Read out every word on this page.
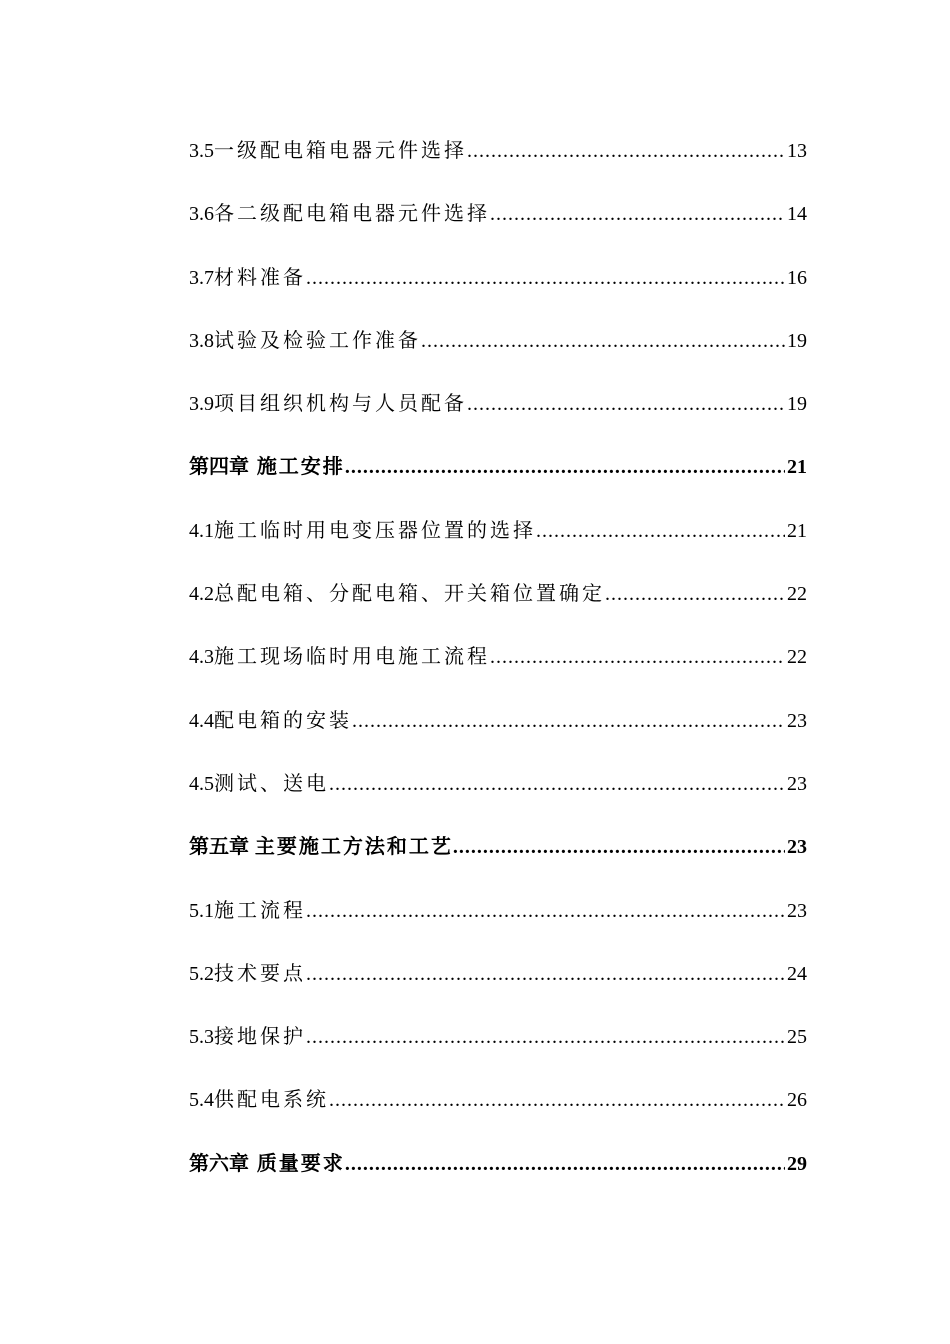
3.5 一级配电箱电器元件选择 .....	13
3.6 各二级配电箱电器元件选择 .....	14
3.7 材料准备 .....	16
3.8 试验及检验工作准备 .....	19
3.9 项目组织机构与人员配备 .....	19
第四章 施工安排 .....	21
4.1 施工临时用电变压器位置的选择 .....	21
4.2 总配电箱、分配电箱、开关箱位置确定 .....	22
4.3 施工现场临时用电施工流程 .....	22
4.4 配电箱的安装 .....	23
4.5 测试、送电 .....	23
第五章 主要施工方法和工艺 .....	23
5.1 施工流程 .....	23
5.2 技术要点 .....	24
5.3 接地保护 .....	25
5.4 供配电系统 .....	26
第六章 质量要求 .....	29
